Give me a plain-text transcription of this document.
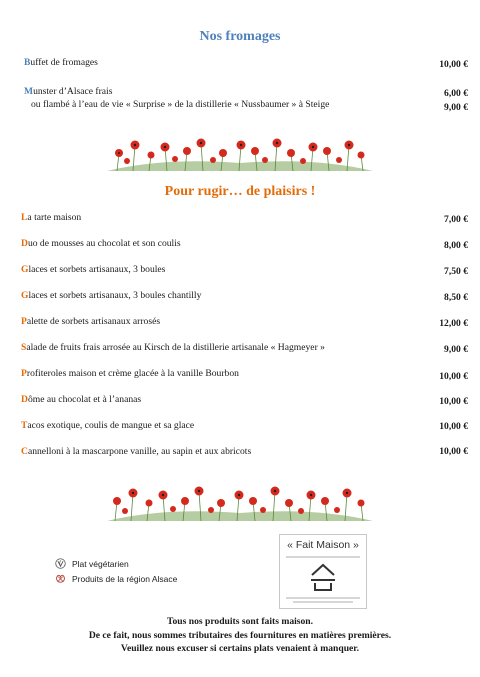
Nos fromages
Buffet de fromages	10,00 €
Munster d’Alsace frais	6,00 €
ou flambé à l’eau de vie « Surprise » de la distillerie « Nussbaumer » à Steige	9,00 €
Pour rugir… de plaisirs !
La tarte maison	7,00 €
Duo de mousses au chocolat et son coulis	8,00 €
Glaces et sorbets artisanaux, 3 boules	7,50 €
Glaces et sorbets artisanaux, 3 boules chantilly	8,50 €
Palette de sorbets artisanaux arrosés	12,00 €
Salade de fruits frais arrosée au Kirsch de la distillerie artisanale « Hagmeyer »	9,00 €
Profiteroles maison et crème glacée à la vanille Bourbon	10,00 €
Dôme au chocolat et à l’ananas	10,00 €
Tacos exotique, coulis de mangue et sa glace	10,00 €
Cannelloni à la mascarpone vanille, au sapin et aux abricots	10,00 €
Plat végétarien
Produits de la région Alsace
« Fait Maison »
Tous nos produits sont faits maison.
De ce fait, nous sommes tributaires des fournitures en matières premières.
Veuillez nous excuser si certains plats venaient à manquer.
